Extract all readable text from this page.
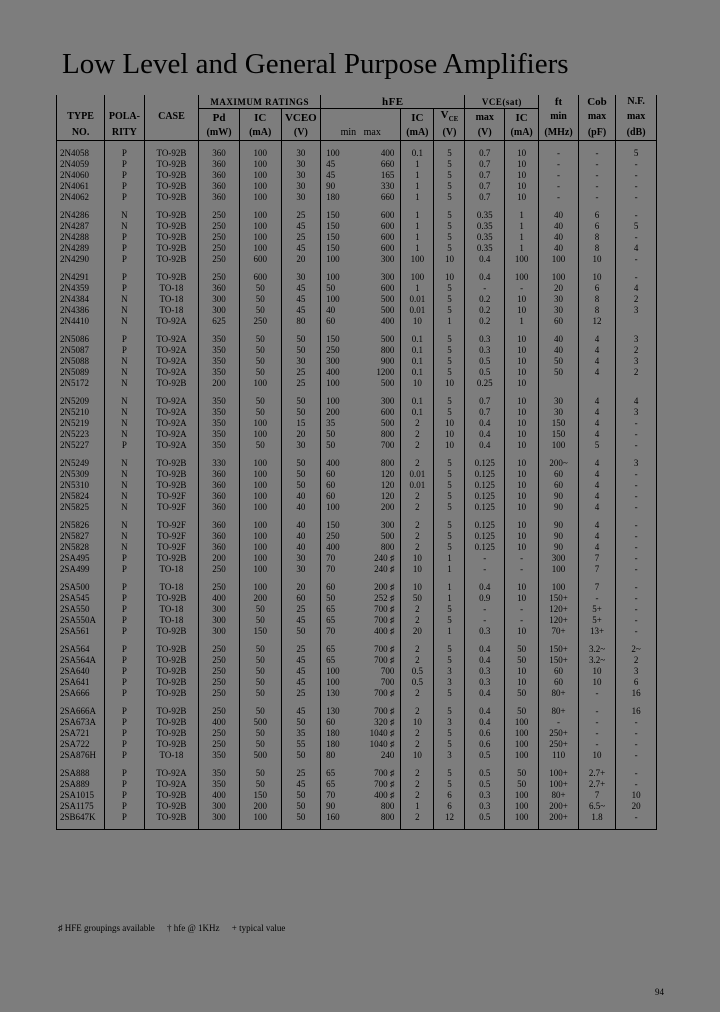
Low Level and General Purpose Amplifiers
			MAXIMUM RATINGS			hFE			VCE(sat)		ft	Cob	N.F.
TYPE	POLA-	CASE	Pd	IC	VCEO		IC	$V_{CE}$	max	IC	min	max	max
NO.	RITY		(mW)	(mA)	(V)	min   max	(mA)	(V)	(V)	(mA)	(MHz)	(pF)	(dB)

2N4058	P	TO-92B	360	100	30	100 400	0.1	5	0.7	10	-	-	5
2N4059	P	TO-92B	360	100	30	45 660	1	5	0.7	10	-	-	-
2N4060	P	TO-92B	360	100	30	45 165	1	5	0.7	10	-	-	-
2N4061	P	TO-92B	360	100	30	90 330	1	5	0.7	10	-	-	-
2N4062	P	TO-92B	360	100	30	180 660	1	5	0.7	10	-	-	-

2N4286	N	TO-92B	250	100	25	150 600	1	5	0.35	1	40	6	-
2N4287	N	TO-92B	250	100	45	150 600	1	5	0.35	1	40	6	5
2N4288	P	TO-92B	250	100	25	150 600	1	5	0.35	1	40	8	-
2N4289	P	TO-92B	250	100	45	150 600	1	5	0.35	1	40	8	4
2N4290	P	TO-92B	250	600	20	100 300	100	10	0.4	100	100	10	-

2N4291	P	TO-92B	250	600	30	100 300	100	10	0.4	100	100	10	-
2N4359	P	TO-18	360	50	45	50 600	1	5	-	-	20	6	4
2N4384	N	TO-18	300	50	45	100 500	0.01	5	0.2	10	30	8	2
2N4386	N	TO-18	300	50	45	40 500	0.01	5	0.2	10	30	8	3
2N4410	N	TO-92A	625	250	80	60 400	10	1	0.2	1	60	12	

2N5086	P	TO-92A	350	50	50	150 500	0.1	5	0.3	10	40	4	3
2N5087	P	TO-92A	350	50	50	250 800	0.1	5	0.3	10	40	4	2
2N5088	N	TO-92A	350	50	30	300 900	0.1	5	0.5	10	50	4	3
2N5089	N	TO-92A	350	50	25	400 1200	0.1	5	0.5	10	50	4	2
2N5172	N	TO-92B	200	100	25	100 500	10	10	0.25	10			

2N5209	N	TO-92A	350	50	50	100 300	0.1	5	0.7	10	30	4	4
2N5210	N	TO-92A	350	50	50	200 600	0.1	5	0.7	10	30	4	3
2N5219	N	TO-92A	350	100	15	35 500	2	10	0.4	10	150	4	-
2N5223	N	TO-92A	350	100	20	50 800	2	10	0.4	10	150	4	-
2N5227	P	TO-92A	350	50	30	50 700	2	10	0.4	10	100	5	-

2N5249	N	TO-92B	330	100	50	400 800	2	5	0.125	10	200~	4	3
2N5309	N	TO-92B	360	100	50	60 120	0.01	5	0.125	10	60	4	-
2N5310	N	TO-92B	360	100	50	60 120	0.01	5	0.125	10	60	4	-
2N5824	N	TO-92F	360	100	40	60 120	2	5	0.125	10	90	4	-
2N5825	N	TO-92F	360	100	40	100 200	2	5	0.125	10	90	4	-

2N5826	N	TO-92F	360	100	40	150 300	2	5	0.125	10	90	4	-
2N5827	N	TO-92F	360	100	40	250 500	2	5	0.125	10	90	4	-
2N5828	N	TO-92F	360	100	40	400 800	2	5	0.125	10	90	4	-
2SA495	P	TO-92B	200	100	30	70 240 ♯	10	1	-	-	300	7	-
2SA499	P	TO-18	250	100	30	70 240 ♯	10	1	-	-	100	7	-

2SA500	P	TO-18	250	100	20	60 200 ♯	10	1	0.4	10	100	7	-
2SA545	P	TO-92B	400	200	60	50 252 ♯	50	1	0.9	10	150+	-	-
2SA550	P	TO-18	300	50	25	65 700 ♯	2	5	-	-	120+	5+	-
2SA550A	P	TO-18	300	50	45	65 700 ♯	2	5	-	-	120+	5+	-
2SA561	P	TO-92B	300	150	50	70 400 ♯	20	1	0.3	10	70+	13+	-

2SA564	P	TO-92B	250	50	25	65 700 ♯	2	5	0.4	50	150+	3.2~	2~
2SA564A	P	TO-92B	250	50	45	65 700 ♯	2	5	0.4	50	150+	3.2~	2
2SA640	P	TO-92B	250	50	45	100 700	0.5	3	0.3	10	60	10	3
2SA641	P	TO-92B	250	50	45	100 700	0.5	3	0.3	10	60	10	6
2SA666	P	TO-92B	250	50	25	130 700 ♯	2	5	0.4	50	80+	-	16

2SA666A	P	TO-92B	250	50	45	130 700 ♯	2	5	0.4	50	80+	-	16
2SA673A	P	TO-92B	400	500	50	60 320 ♯	10	3	0.4	100	-	-	-
2SA721	P	TO-92B	250	50	35	180 1040 ♯	2	5	0.6	100	250+	-	-
2SA722	P	TO-92B	250	50	55	180 1040 ♯	2	5	0.6	100	250+	-	-
2SA876H	P	TO-18	350	500	50	80 240	10	3	0.5	100	110	10	-

2SA888	P	TO-92A	350	50	25	65 700 ♯	2	5	0.5	50	100+	2.7+	-
2SA889	P	TO-92A	350	50	45	65 700 ♯	2	5	0.5	50	100+	2.7+	-
2SA1015	P	TO-92B	400	150	50	70 400 ♯	2	6	0.3	100	80+	7	10
2SA1175	P	TO-92B	300	200	50	90 800	1	6	0.3	100	200+	6.5~	20
2SB647K	P	TO-92B	300	100	50	160 800	2	12	0.5	100	200+	1.8	-

♯ HFE groupings available † hfe @ 1KHz + typical value
94
